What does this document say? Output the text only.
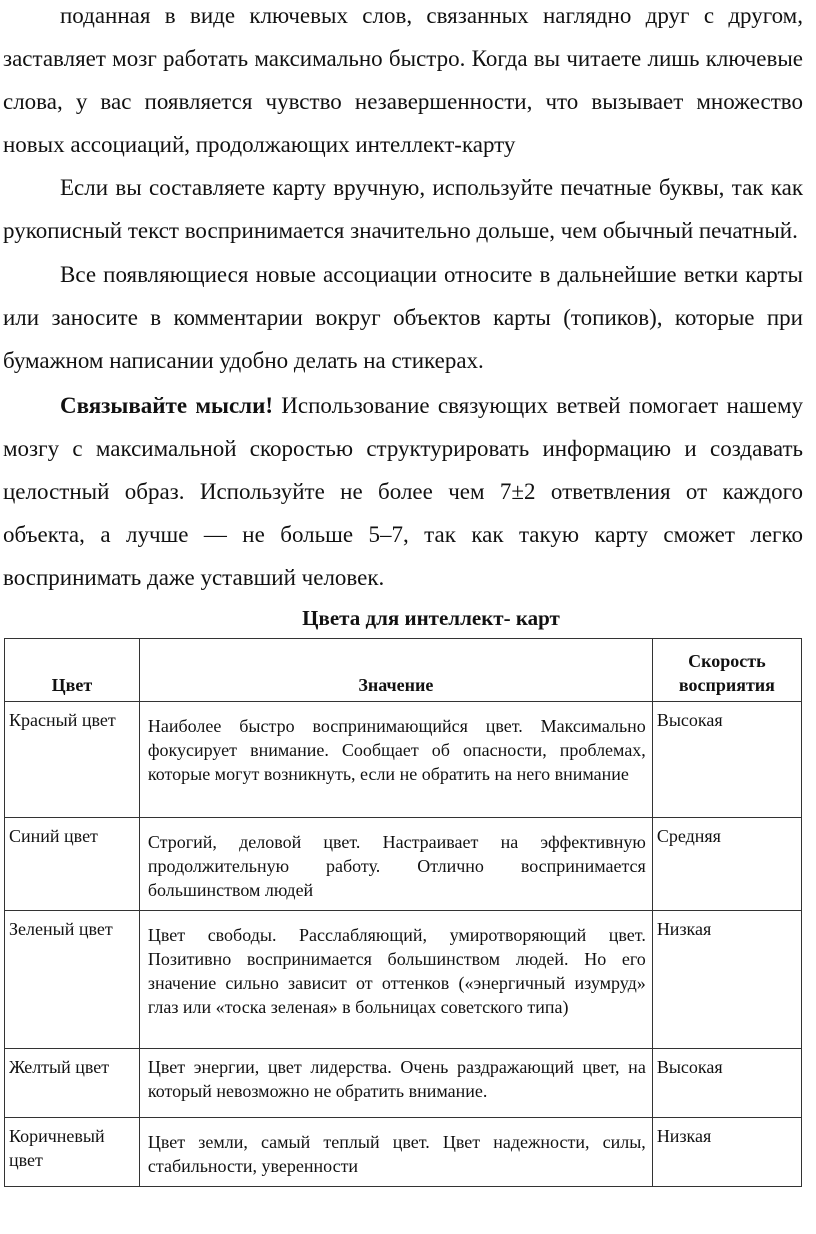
поданная в виде ключевых слов, связанных наглядно друг с другом, заставляет мозг работать максимально быстро. Когда вы читаете лишь ключевые слова, у вас появляется чувство незавершенности, что вызывает множество новых ассоциаций, продолжающих интеллект-карту

Если вы составляете карту вручную, используйте печатные буквы, так как рукописный текст воспринимается значительно дольше, чем обычный печатный.

Все появляющиеся новые ассоциации относите в дальнейшие ветки карты или заносите в комментарии вокруг объектов карты (топиков), которые при бумажном написании удобно делать на стикерах.

Связывайте мысли! Использование связующих ветвей помогает нашему мозгу с максимальной скоростью структурировать информацию и создавать целостный образ. Используйте не более чем 7±2 ответвления от каждого объекта, а лучше — не больше 5–7, так как такую карту сможет легко воспринимать даже уставший человек.

Цвета для интеллект- карт

Цвет	Значение	Скорость восприятия
Красный цвет	Наиболее быстро воспринимающийся цвет. Максимально фокусирует внимание. Сообщает об опасности, проблемах, которые могут возникнуть, если не обратить на него внимание	Высокая
Синий цвет	Строгий, деловой цвет. Настраивает на эффективную продолжительную работу. Отлично воспринимается большинством людей	Средняя
Зеленый цвет	Цвет свободы. Расслабляющий, умиротворяющий цвет. Позитивно воспринимается большинством людей. Но его значение сильно зависит от оттенков («энергичный изумруд» глаз или «тоска зеленая» в больницах советского типа)	Низкая
Желтый цвет	Цвет энергии, цвет лидерства. Очень раздражающий цвет, на который невозможно не обратить внимание.	Высокая
Коричневый цвет	Цвет земли, самый теплый цвет. Цвет надежности, силы, стабильности, уверенности	Низкая
